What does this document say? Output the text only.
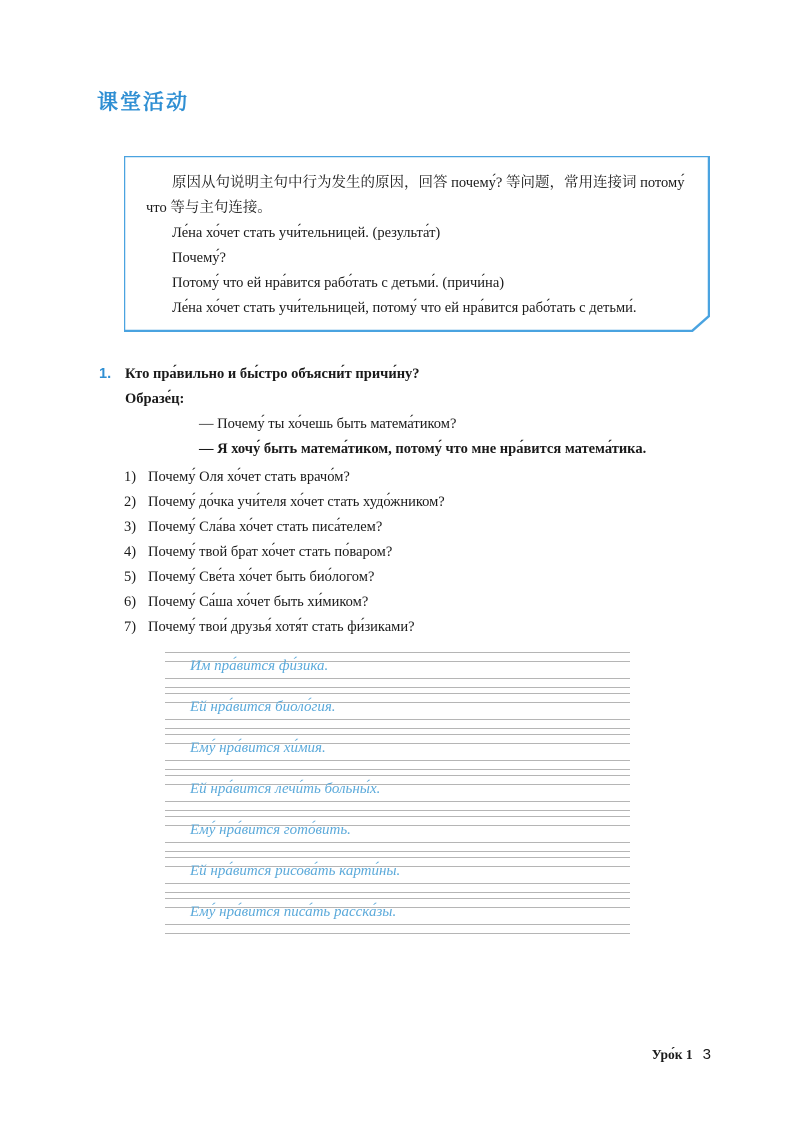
课堂活动
带原因从句的主从复合句

原因从句说明主句中行为发生的原因，回答 почему́? 等问题，常用连接词 потому́ что 等与主句连接。

Ле́на хо́чет стать учи́тельницей. (результа́т)

Почему́?

Потому́ что ей нра́вится рабо́тать с детьми́. (причи́на)

Ле́на хо́чет стать учи́тельницей, потому́ что ей нра́вится рабо́тать с детьми́.

1. Кто пра́вильно и бы́стро объясни́т причи́ну?
Образе́ц:
— Почему́ ты хо́чешь быть матема́тиком?
— Я хочу́ быть матема́тиком, потому́ что мне нра́вится матема́тика.
1) Почему́ Оля хо́чет стать врачо́м?
2) Почему́ до́чка учи́теля хо́чет стать худо́жником?
3) Почему́ Сла́ва хо́чет стать писа́телем?
4) Почему́ твой брат хо́чет стать по́варом?
5) Почему́ Све́та хо́чет быть био́логом?
6) Почему́ Са́ша хо́чет быть хи́миком?
7) Почему́ твои́ друзья́ хотя́т стать фи́зиками?
Им пра́вится фи́зика.
Ей нра́вится биоло́гия.
Ему́ нра́вится хи́мия.
Ей нра́вится лечи́ть больны́х.
Ему́ нра́вится гото́вить.
Ей нра́вится рисова́ть карти́ны.
Ему́ нра́вится писа́ть расска́зы.
Уро́к 1 3
